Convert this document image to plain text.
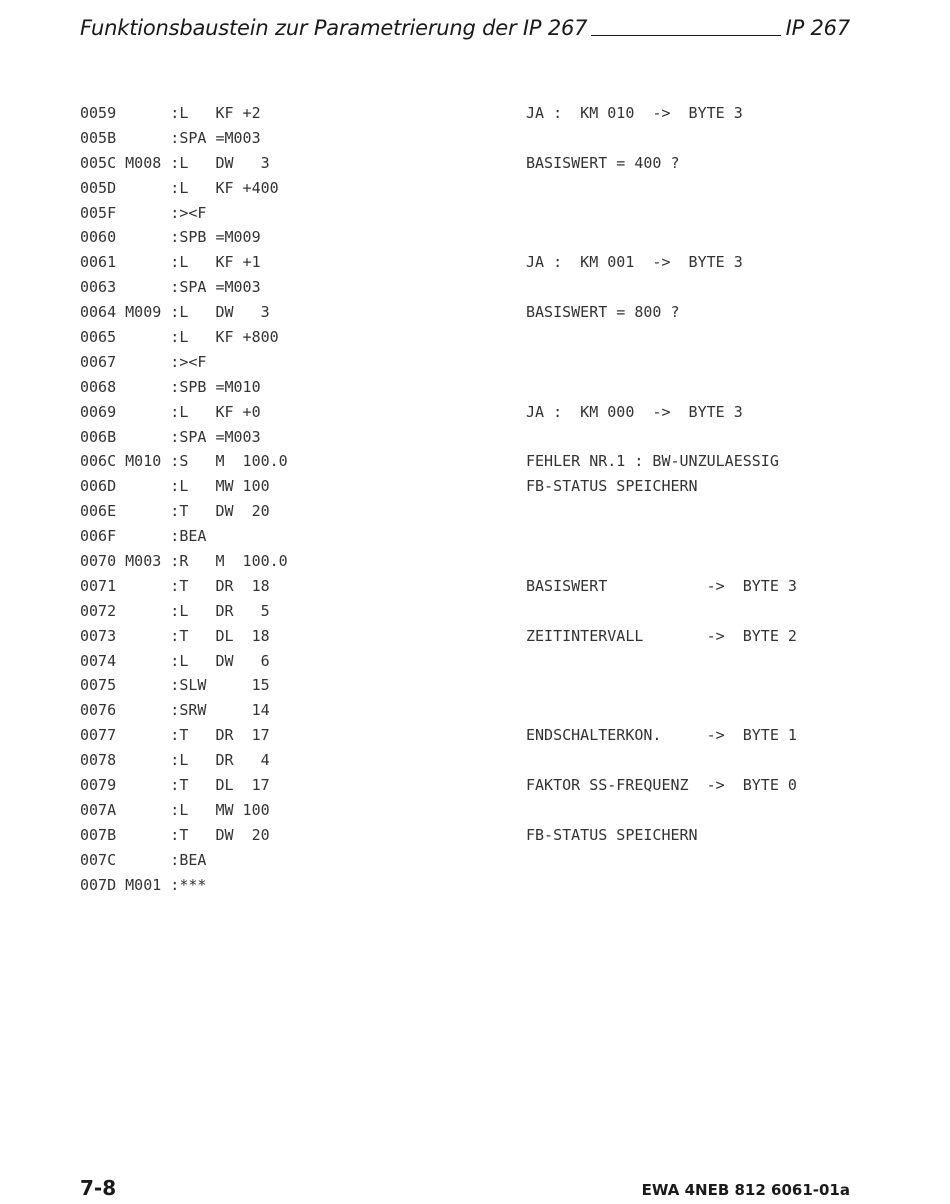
Funktionsbaustein zur Parametrierung der IP 267	IP 267
0059      :L   KF +2	JA :  KM 010  ->  BYTE 3
005B      :SPA =M003
005C M008 :L   DW   3	BASISWERT = 400 ?
005D      :L   KF +400
005F      :><F
0060      :SPB =M009
0061      :L   KF +1	JA :  KM 001  ->  BYTE 3
0063      :SPA =M003
0064 M009 :L   DW   3	BASISWERT = 800 ?
0065      :L   KF +800
0067      :><F
0068      :SPB =M010
0069      :L   KF +0	JA :  KM 000  ->  BYTE 3
006B      :SPA =M003
006C M010 :S   M  100.0	FEHLER NR.1 : BW-UNZULAESSIG
006D      :L   MW 100	FB-STATUS SPEICHERN
006E      :T   DW  20
006F      :BEA
0070 M003 :R   M  100.0
0071      :T   DR  18	BASISWERT           ->  BYTE 3
0072      :L   DR   5
0073      :T   DL  18	ZEITINTERVALL       ->  BYTE 2
0074      :L   DW   6
0075      :SLW     15
0076      :SRW     14
0077      :T   DR  17	ENDSCHALTERKON.     ->  BYTE 1
0078      :L   DR   4
0079      :T   DL  17	FAKTOR SS-FREQUENZ  ->  BYTE 0
007A      :L   MW 100
007B      :T   DW  20	FB-STATUS SPEICHERN
007C      :BEA
007D M001 :***
7-8	EWA 4NEB 812 6061-01a
